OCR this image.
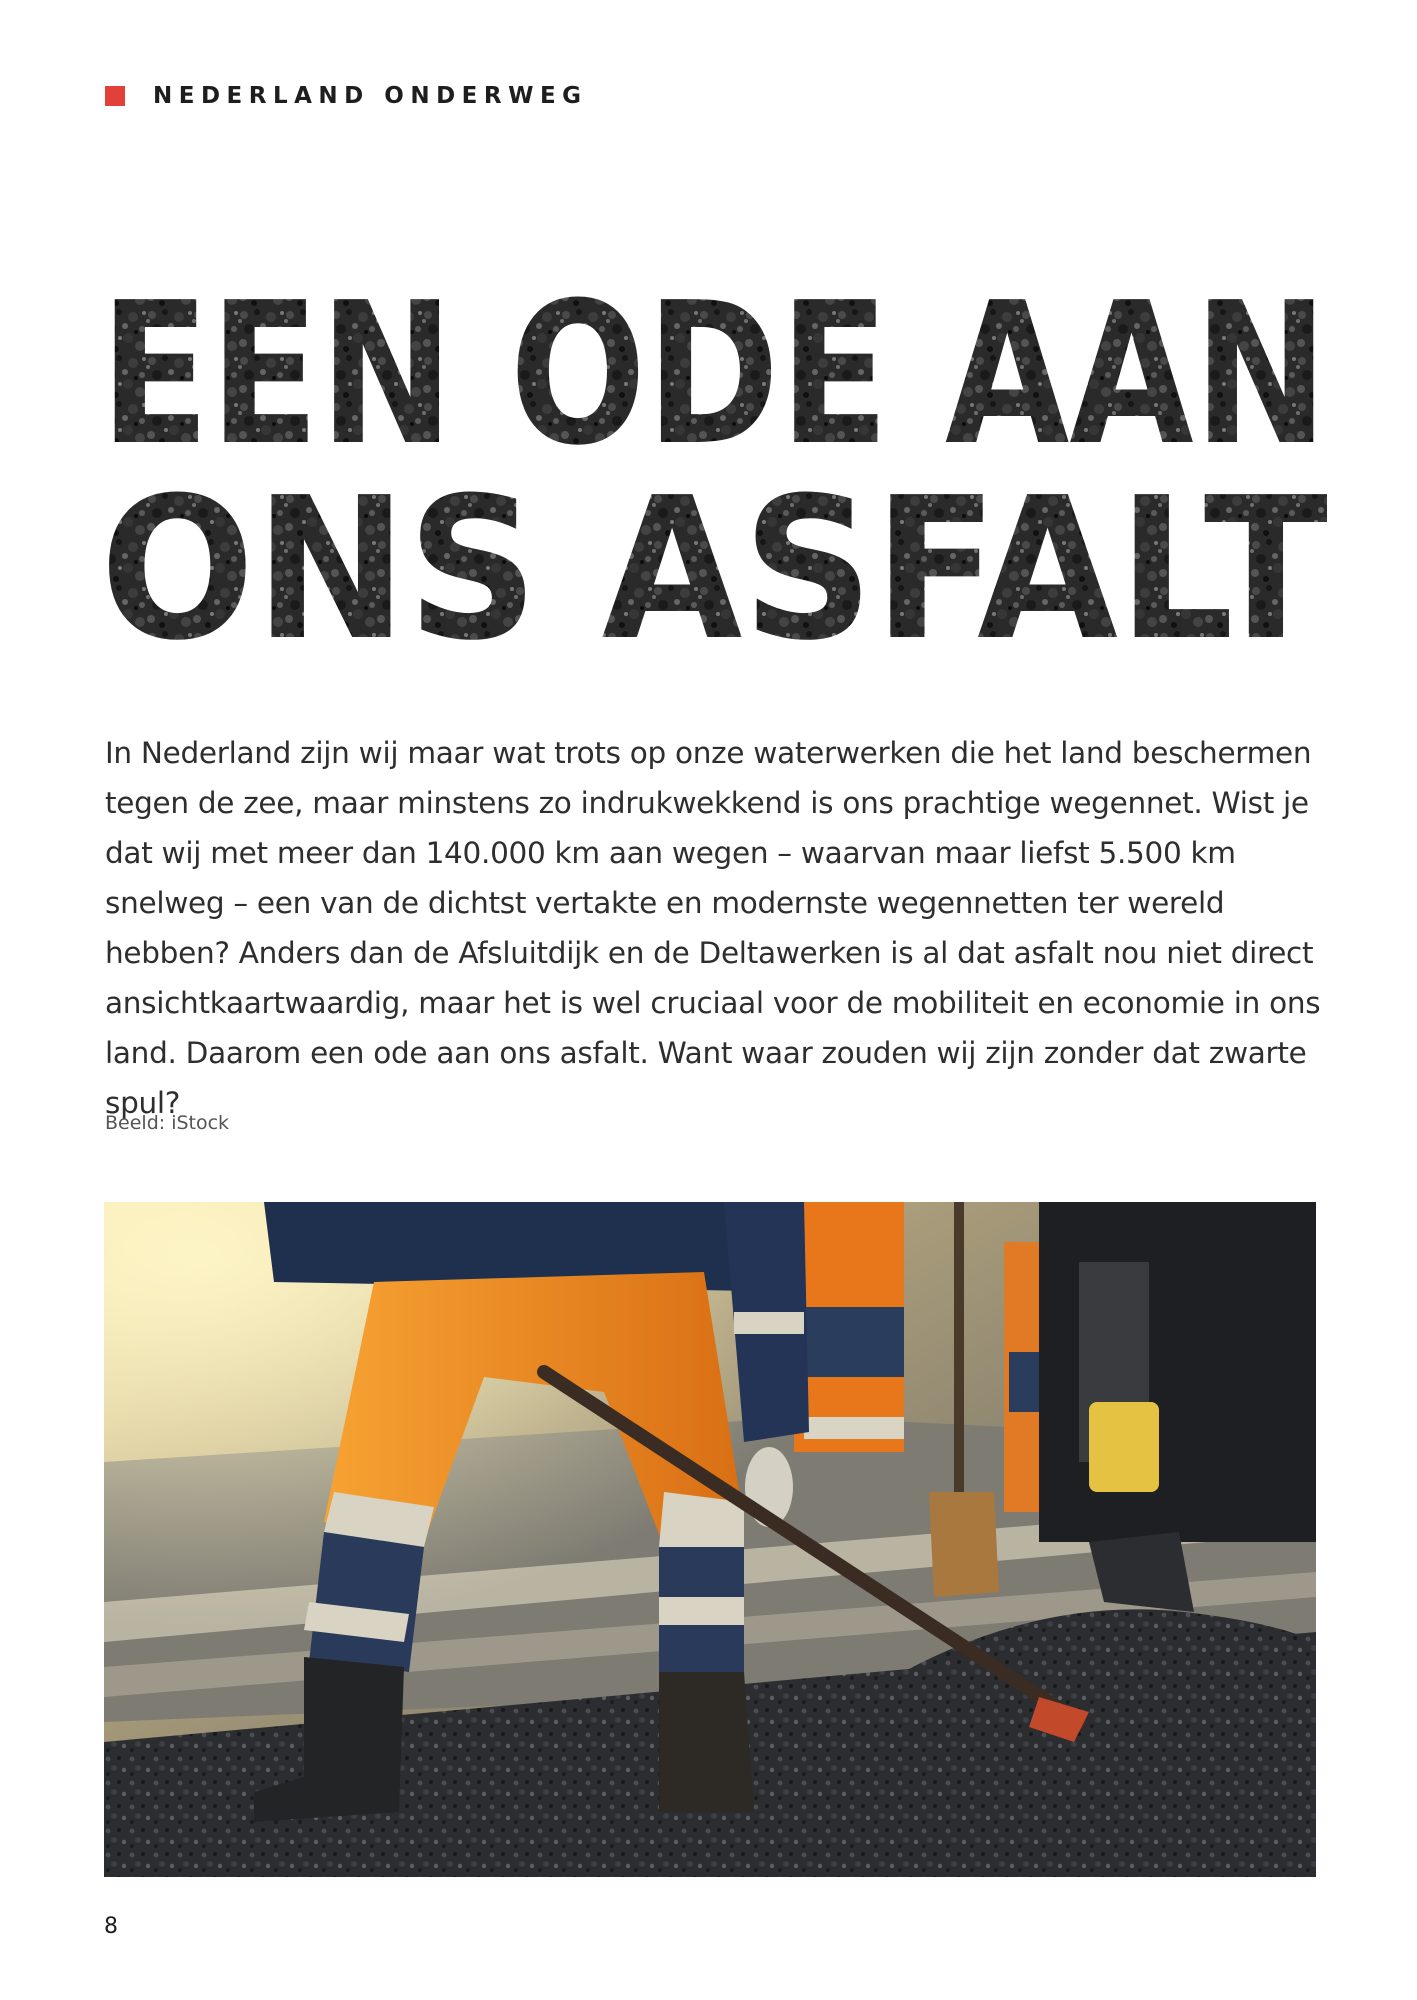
NEDERLAND ONDERWEG
EEN ODE AAN
ONS ASFALT

In Nederland zijn wij maar wat trots op onze waterwerken die het land beschermen tegen de zee, maar minstens zo indrukwekkend is ons prachtige wegennet. Wist je dat wij met meer dan 140.000 km aan wegen – waarvan maar liefst 5.500 km snelweg – een van de dichtst vertakte en modernste wegennetten ter wereld hebben? Anders dan de Afsluitdijk en de Deltawerken is al dat asfalt nou niet direct ansichtkaartwaardig, maar het is wel cruciaal voor de mobiliteit en economie in ons land. Daarom een ode aan ons asfalt. Want waar zouden wij zijn zonder dat zwarte spul?

Beeld: iStock
8
